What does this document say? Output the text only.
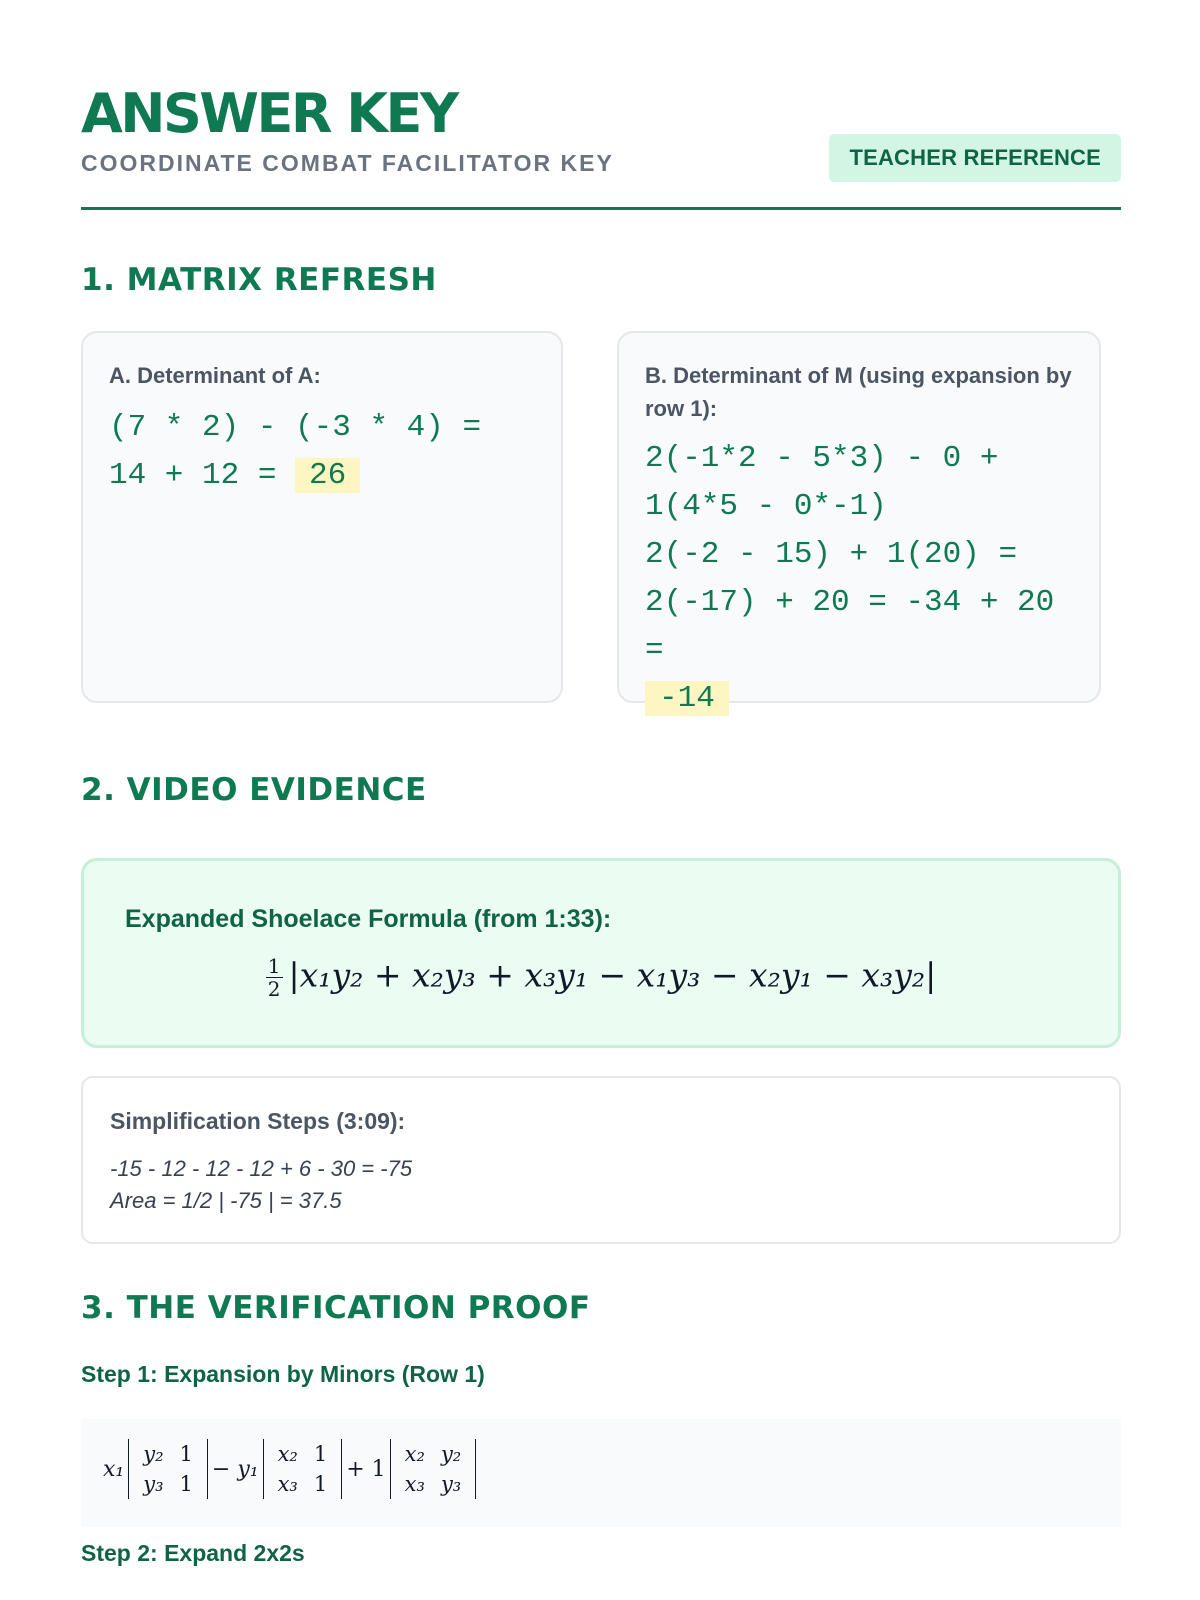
ANSWER KEY
COORDINATE COMBAT FACILITATOR KEY	TEACHER REFERENCE
1. MATRIX REFRESH
A. Determinant of A:
(7 * 2) - (-3 * 4) =
14 + 12 = 26
B. Determinant of M (using expansion by row 1):
2(-1*2 - 5*3) - 0 +
1(4*5 - 0*-1)
2(-2 - 15) + 1(20) =
2(-17) + 20 = -34 + 20 =
-14
2. VIDEO EVIDENCE
Expanded Shoelace Formula (from 1:33):
$\frac{1}{2} |x_1y_2 + x_2y_3 + x_3y_1 - x_1y_3 - x_2y_1 - x_3y_2|$
Simplification Steps (3:09):
-15 - 12 - 12 - 12 + 6 - 30 = -75
Area = 1/2 | -75 | = 37.5
3. THE VERIFICATION PROOF
Step 1: Expansion by Minors (Row 1)
x₁
y₂	1
y₃	1
− y₁
x₂	1
x₃	1
+ 1
x₂	y₂
x₃	y₃
Step 2: Expand 2x2s
